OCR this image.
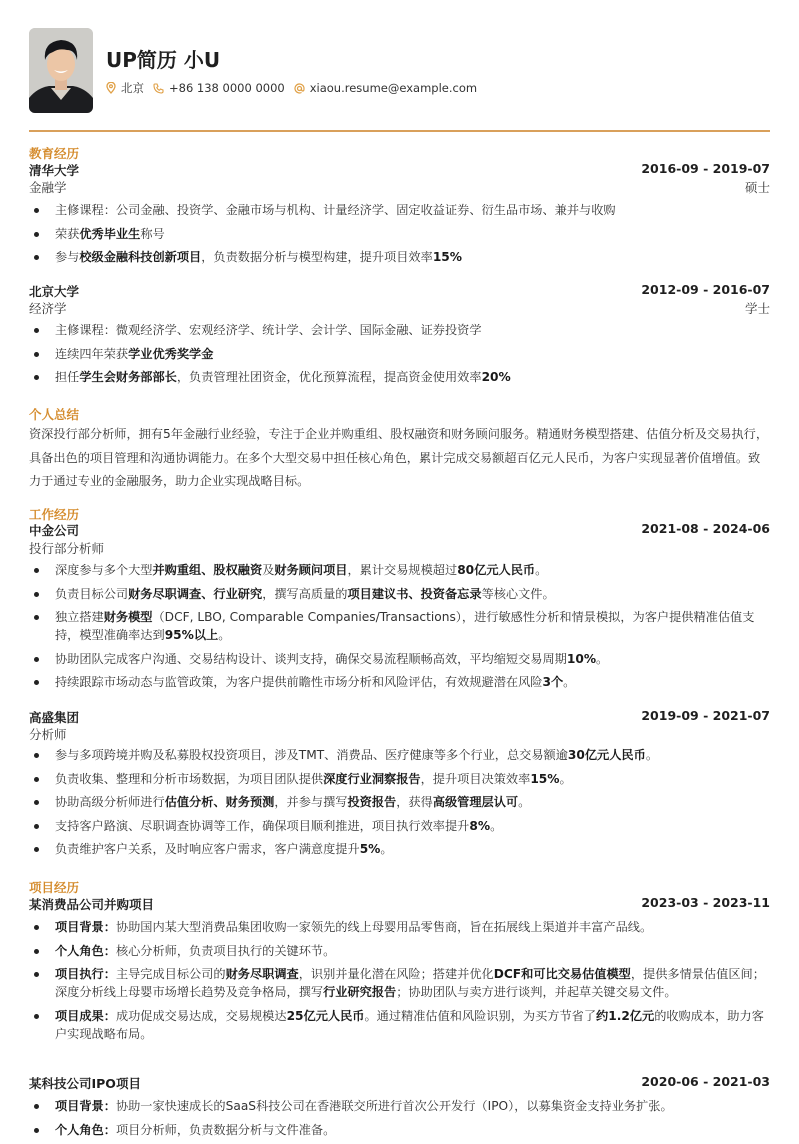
UP简历 小U
北京 +86 138 0000 0000 xiaou.resume@example.com
教育经历
清华大学	2016-09 - 2019-07
金融学	硕士
主修课程：公司金融、投资学、金融市场与机构、计量经济学、固定收益证券、衍生品市场、兼并与收购
荣获优秀毕业生称号
参与校级金融科技创新项目，负责数据分析与模型构建，提升项目效率15%
北京大学	2012-09 - 2016-07
经济学	学士
主修课程：微观经济学、宏观经济学、统计学、会计学、国际金融、证券投资学
连续四年荣获学业优秀奖学金
担任学生会财务部部长，负责管理社团资金，优化预算流程，提高资金使用效率20%
个人总结
资深投行部分析师，拥有5年金融行业经验，专注于企业并购重组、股权融资和财务顾问服务。精通财务模型搭建、估值分析及交易执行，具备出色的项目管理和沟通协调能力。在多个大型交易中担任核心角色，累计完成交易额超百亿元人民币，为客户实现显著价值增值。致力于通过专业的金融服务，助力企业实现战略目标。
工作经历
中金公司	2021-08 - 2024-06
投行部分析师
深度参与多个大型并购重组、股权融资及财务顾问项目，累计交易规模超过80亿元人民币。
负责目标公司财务尽职调查、行业研究，撰写高质量的项目建议书、投资备忘录等核心文件。
独立搭建财务模型（DCF, LBO, Comparable Companies/Transactions），进行敏感性分析和情景模拟，为客户提供精准估值支持，模型准确率达到95%以上。
协助团队完成客户沟通、交易结构设计、谈判支持，确保交易流程顺畅高效，平均缩短交易周期10%。
持续跟踪市场动态与监管政策，为客户提供前瞻性市场分析和风险评估，有效规避潜在风险3个。
高盛集团	2019-09 - 2021-07
分析师
参与多项跨境并购及私募股权投资项目，涉及TMT、消费品、医疗健康等多个行业，总交易额逾30亿元人民币。
负责收集、整理和分析市场数据，为项目团队提供深度行业洞察报告，提升项目决策效率15%。
协助高级分析师进行估值分析、财务预测，并参与撰写投资报告，获得高级管理层认可。
支持客户路演、尽职调查协调等工作，确保项目顺利推进，项目执行效率提升8%。
负责维护客户关系，及时响应客户需求，客户满意度提升5%。
项目经历
某消费品公司并购项目	2023-03 - 2023-11
项目背景：协助国内某大型消费品集团收购一家领先的线上母婴用品零售商，旨在拓展线上渠道并丰富产品线。
个人角色：核心分析师，负责项目执行的关键环节。
项目执行：主导完成目标公司的财务尽职调查，识别并量化潜在风险；搭建并优化DCF和可比交易估值模型，提供多情景估值区间；深度分析线上母婴市场增长趋势及竞争格局，撰写行业研究报告；协助团队与卖方进行谈判，并起草关键交易文件。
项目成果：成功促成交易达成，交易规模达25亿元人民币。通过精准估值和风险识别，为买方节省了约1.2亿元的收购成本，助力客户实现战略布局。
某科技公司IPO项目	2020-06 - 2021-03
项目背景：协助一家快速成长的SaaS科技公司在香港联交所进行首次公开发行（IPO），以募集资金支持业务扩张。
个人角色：项目分析师，负责数据分析与文件准备。
